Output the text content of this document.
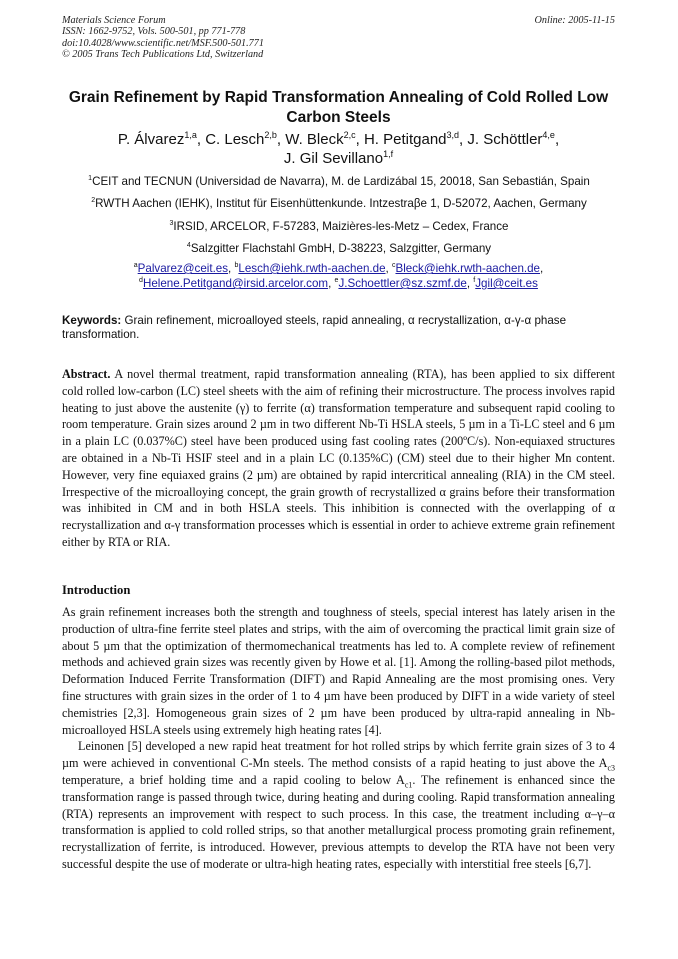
Materials Science Forum
ISSN: 1662-9752, Vols. 500-501, pp 771-778
doi:10.4028/www.scientific.net/MSF.500-501.771
© 2005 Trans Tech Publications Ltd, Switzerland
Online: 2005-11-15
Grain Refinement by Rapid Transformation Annealing of Cold Rolled Low Carbon Steels
P. Álvarez$^{1,a}$, C. Lesch$^{2,b}$, W. Bleck$^{2,c}$, H. Petitgand$^{3,d}$, J. Schöttler$^{4,e}$,
J. Gil Sevillano$^{1,f}$
$^1$CEIT and TECNUN (Universidad de Navarra), M. de Lardizábal 15, 20018, San Sebastián, Spain
$^2$RWTH Aachen (IEHK), Institut für Eisenhüttenkunde. Intzestraβe 1, D-52072, Aachen, Germany
$^3$IRSID, ARCELOR, F-57283, Maizières-les-Metz – Cedex, France
$^4$Salzgitter Flachstahl GmbH, D-38223, Salzgitter, Germany
$^a$Palvarez@ceit.es, $^b$Lesch@iehk.rwth-aachen.de, $^c$Bleck@iehk.rwth-aachen.de,
$^d$Helene.Petitgand@irsid.arcelor.com, $^e$J.Schoettler@sz.szmf.de, $^f$Jgil@ceit.es
Keywords: Grain refinement, microalloyed steels, rapid annealing, α recrystallization, α-γ-α phase transformation.
Abstract. A novel thermal treatment, rapid transformation annealing (RTA), has been applied to six different cold rolled low-carbon (LC) steel sheets with the aim of refining their microstructure. The process involves rapid heating to just above the austenite (γ) to ferrite (α) transformation temperature and subsequent rapid cooling to room temperature. Grain sizes around 2 µm in two different Nb-Ti HSLA steels, 5 µm in a Ti-LC steel and 6 µm in a plain LC (0.037%C) steel have been produced using fast cooling rates (200ºC/s). Non-equiaxed structures are obtained in a Nb-Ti HSIF steel and in a plain LC (0.135%C) (CM) steel due to their higher Mn content. However, very fine equiaxed grains (2 µm) are obtained by rapid intercritical annealing (RIA) in the CM steel. Irrespective of the microalloying concept, the grain growth of recrystallized α grains before their transformation was inhibited in CM and in both HSLA steels. This inhibition is connected with the overlapping of α recrystallization and α-γ transformation processes which is essential in order to achieve extreme grain refinement either by RTA or RIA.
Introduction

As grain refinement increases both the strength and toughness of steels, special interest has lately arisen in the production of ultra-fine ferrite steel plates and strips, with the aim of overcoming the practical limit grain size of about 5 µm that the optimization of thermomechanical treatments has led to. A complete review of refinement methods and achieved grain sizes was recently given by Howe et al. [1]. Among the rolling-based pilot methods, Deformation Induced Ferrite Transformation (DIFT) and Rapid Annealing are the most promising ones. Very fine structures with grain sizes in the order of 1 to 4 µm have been produced by DIFT in a wide variety of steel chemistries [2,3]. Homogeneous grain sizes of 2 µm have been produced by ultra-rapid annealing in Nb-microalloyed HSLA steels using extremely high heating rates [4].

Leinonen [5] developed a new rapid heat treatment for hot rolled strips by which ferrite grain sizes of 3 to 4 µm were achieved in conventional C-Mn steels. The method consists of a rapid heating to just above the $A_{c3}$ temperature, a brief holding time and a rapid cooling to below $A_{c1}$. The refinement is enhanced since the transformation range is passed through twice, during heating and during cooling. Rapid transformation annealing (RTA) represents an improvement with respect to such process. In this case, the treatment including α–γ–α transformation is applied to cold rolled strips, so that another metallurgical process promoting grain refinement, recrystallization of ferrite, is introduced. However, previous attempts to develop the RTA have not been very successful despite the use of moderate or ultra-high heating rates, especially with interstitial free steels [6,7].
